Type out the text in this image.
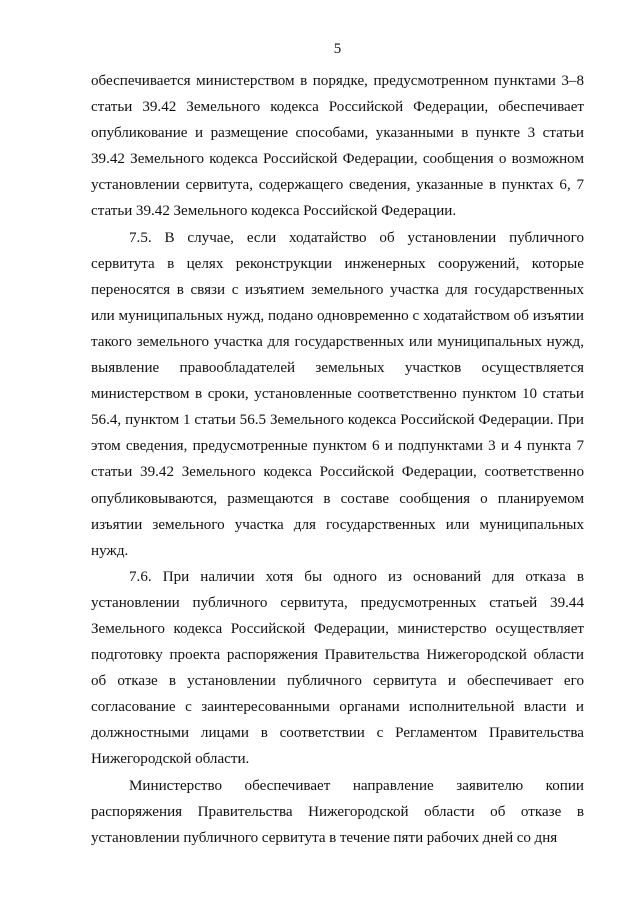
5

обеспечивается министерством в порядке, предусмотренном пунктами 3–8 статьи 39.42 Земельного кодекса Российской Федерации, обеспечивает опубликование и размещение способами, указанными в пункте 3 статьи 39.42 Земельного кодекса Российской Федерации, сообщения о возможном установлении сервитута, содержащего сведения, указанные в пунктах 6, 7 статьи 39.42 Земельного кодекса Российской Федерации.

7.5. В случае, если ходатайство об установлении публичного сервитута в целях реконструкции инженерных сооружений, которые переносятся в связи с изъятием земельного участка для государственных или муниципальных нужд, подано одновременно с ходатайством об изъятии такого земельного участка для государственных или муниципальных нужд, выявление правообладателей земельных участков осуществляется министерством в сроки, установленные соответственно пунктом 10 статьи 56.4, пунктом 1 статьи 56.5 Земельного кодекса Российской Федерации. При этом сведения, предусмотренные пунктом 6 и подпунктами 3 и 4 пункта 7 статьи 39.42 Земельного кодекса Российской Федерации, соответственно опубликовываются, размещаются в составе сообщения о планируемом изъятии земельного участка для государственных или муниципальных нужд.

7.6. При наличии хотя бы одного из оснований для отказа в установлении публичного сервитута, предусмотренных статьей 39.44 Земельного кодекса Российской Федерации, министерство осуществляет подготовку проекта распоряжения Правительства Нижегородской области об отказе в установлении публичного сервитута и обеспечивает его согласование с заинтересованными органами исполнительной власти и должностными лицами в соответствии с Регламентом Правительства Нижегородской области.

Министерство обеспечивает направление заявителю копии распоряжения Правительства Нижегородской области об отказе в установлении публичного сервитута в течение пяти рабочих дней со дня
